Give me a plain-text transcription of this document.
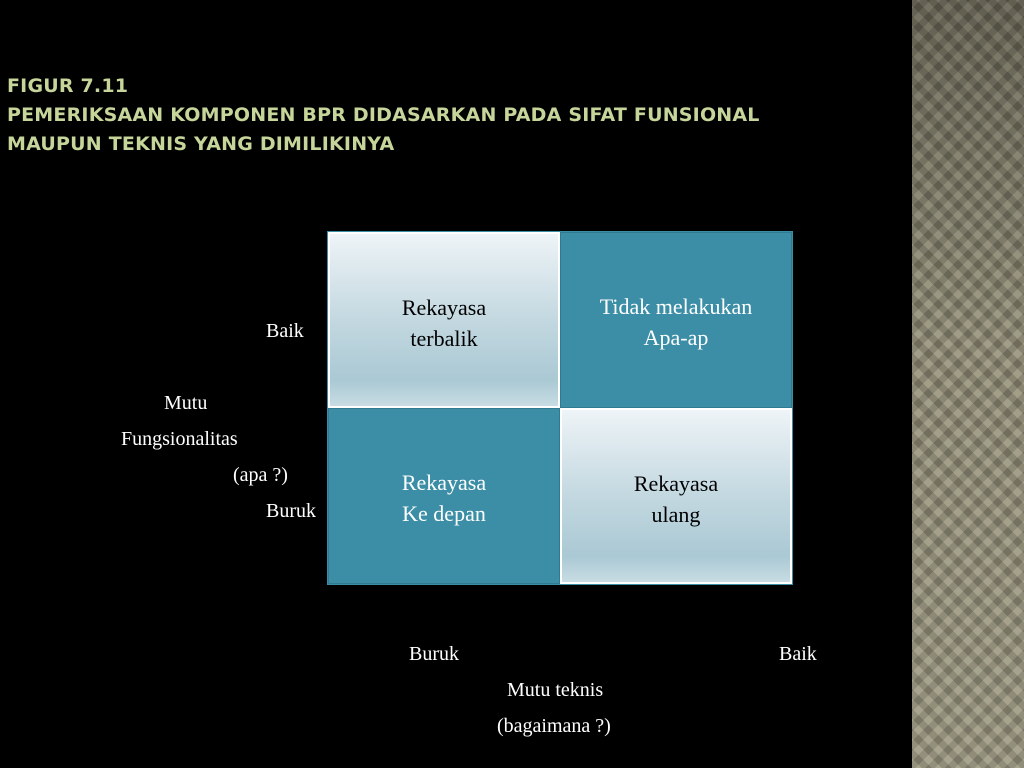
FIGUR 7.11
PEMERIKSAAN KOMPONEN BPR DIDASARKAN PADA SIFAT FUNSIONAL
MAUPUN TEKNIS YANG DIMILIKINYA
Rekayasa
terbalik
Tidak melakukan
Apa-ap
Rekayasa
Ke depan
Rekayasa
ulang
Baik
Mutu
Fungsionalitas
(apa ?)
Buruk
Buruk	Baik
Mutu teknis
(bagaimana ?)
